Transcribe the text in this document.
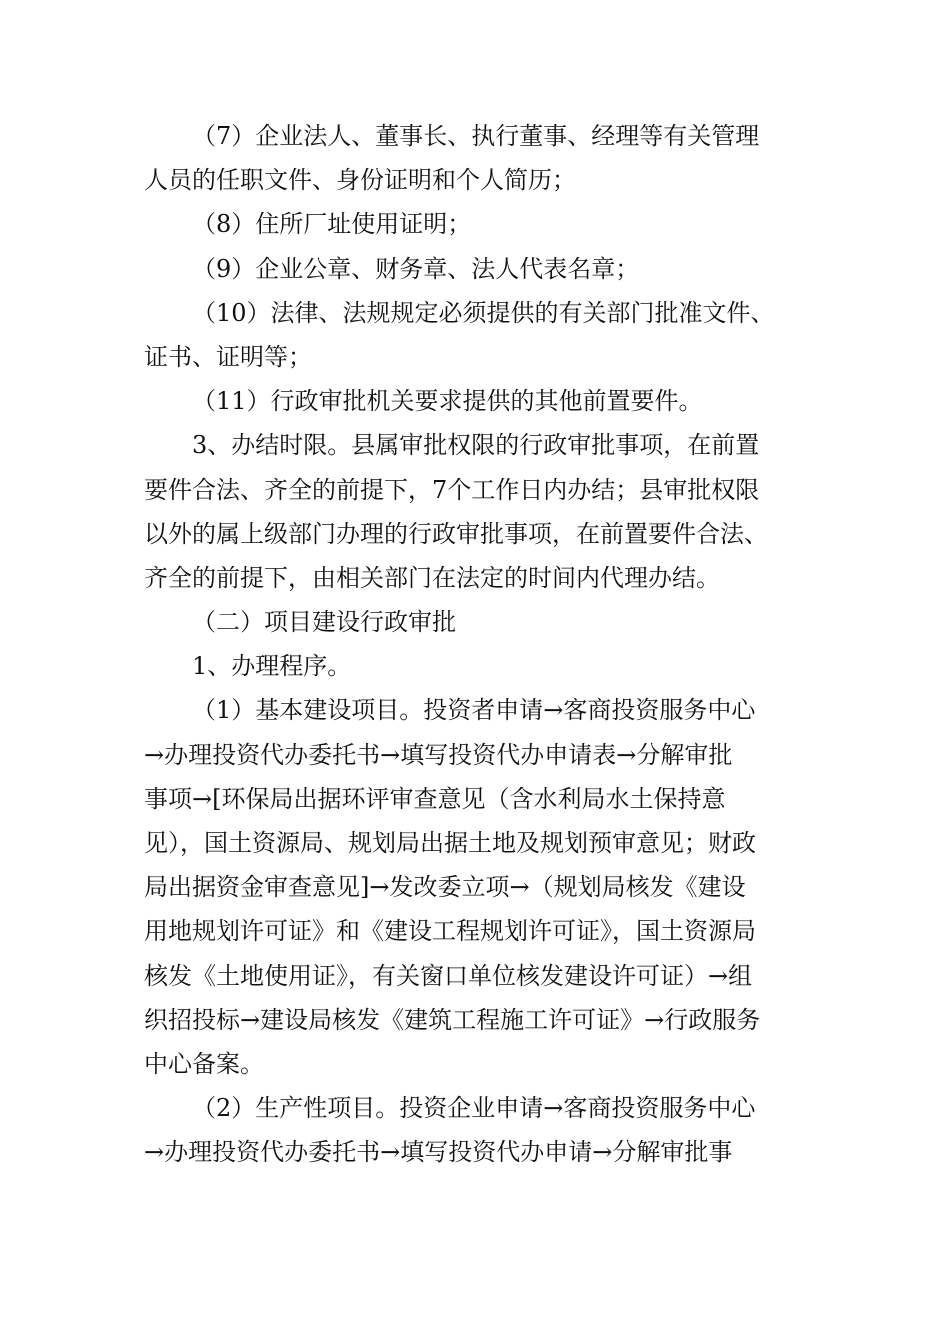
（7）企业法人、董事长、执行董事、经理等有关管理
人员的任职文件、身份证明和个人简历；
（8）住所厂址使用证明；
（9）企业公章、财务章、法人代表名章；
（10）法律、法规规定必须提供的有关部门批准文件、
证书、证明等；
（11）行政审批机关要求提供的其他前置要件。
3、办结时限。县属审批权限的行政审批事项，在前置
要件合法、齐全的前提下，7个工作日内办结；县审批权限
以外的属上级部门办理的行政审批事项，在前置要件合法、
齐全的前提下，由相关部门在法定的时间内代理办结。
（二）项目建设行政审批
1、办理程序。
（1）基本建设项目。投资者申请→客商投资服务中心
→办理投资代办委托书→填写投资代办申请表→分解审批
事项→[环保局出据环评审查意见（含水利局水土保持意
见），国土资源局、规划局出据土地及规划预审意见；财政
局出据资金审查意见]→发改委立项→（规划局核发《建设
用地规划许可证》和《建设工程规划许可证》，国土资源局
核发《土地使用证》，有关窗口单位核发建设许可证）→组
织招投标→建设局核发《建筑工程施工许可证》→行政服务
中心备案。
（2）生产性项目。投资企业申请→客商投资服务中心
→办理投资代办委托书→填写投资代办申请→分解审批事
